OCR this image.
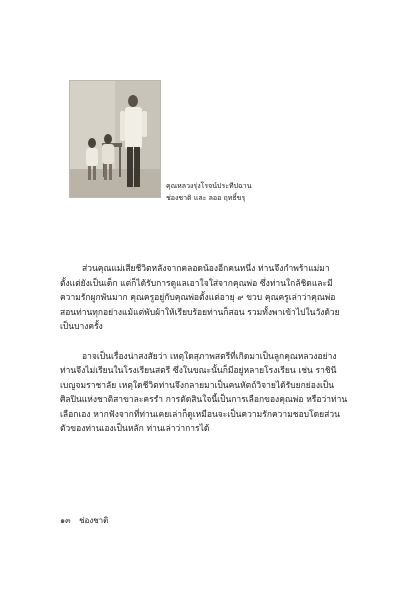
คุณหลวงรุ่งโรจน์ประทีปฉาน
ช่องชาติ และ ลออ ฤทธิ์ขรุ

ส่วนคุณแม่เสียชีวิตหลังจากคลอดน้องอีกคนหนึ่ง ท่านจึงกำพร้าแม่มาตั้งแต่ยังเป็นเด็ก แต่ก็ได้รับการดูแลเอาใจใส่จากคุณพ่อ ซึ่งท่านใกล้ชิดและมีความรักผูกพันมาก คุณครูอยู่กับคุณพ่อตั้งแต่อายุ ๙ ขวบ คุณครูเล่าว่าคุณพ่อสอนท่านทุกอย่างแม้แต่พับผ้าให้เรียบร้อยท่านก็สอน รวมทั้งพาเข้าไปในวังด้วยเป็นบางครั้ง

อาจเป็นเรื่องน่าสงสัยว่า เหตุใดสุภาพสตรีที่เกิดมาเป็นลูกคุณหลวงอย่างท่านจึงไม่เรียนในโรงเรียนสตรี ซึ่งในขณะนั้นก็มีอยู่หลายโรงเรียน เช่น ราชินี เบญจมราชาลัย เหตุใดชีวิตท่านจึงกลายมาเป็นคนหัตถ์วิจายได้รับยกย่องเป็นศิลปินแห่งชาติสาขาละครรำ การตัดสินใจนี้เป็นการเลือกของคุณพ่อ หรือว่าท่านเลือกเอง หากฟังจากที่ท่านเคยเล่าก็ดูเหมือนจะเป็นความรักความชอบโดยส่วนตัวของท่านเองเป็นหลัก ท่านเล่าว่าการได้

๑๓ ช่องชาติ
